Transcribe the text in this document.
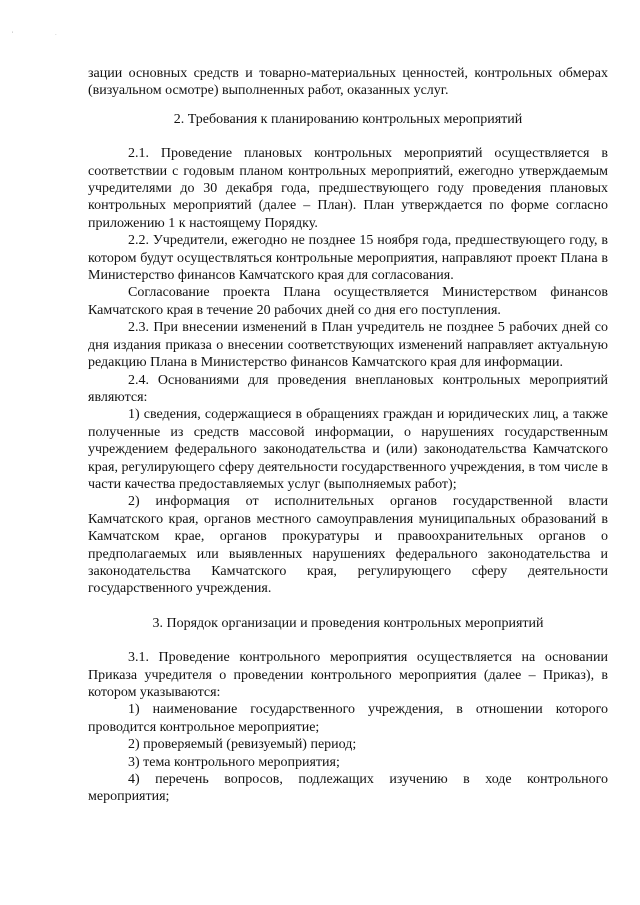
' ·

зации основных средств и товарно-материальных ценностей, контрольных обмерах (визуальном осмотре) выполненных работ, оказанных услуг.

2. Требования к планированию контрольных мероприятий

2.1. Проведение плановых контрольных мероприятий осуществляется в соответствии с годовым планом контрольных мероприятий, ежегодно утверждаемым учредителями до 30 декабря года, предшествующего году проведения плановых контрольных мероприятий (далее – План). План утверждается по форме согласно приложению 1 к настоящему Порядку.

2.2. Учредители, ежегодно не позднее 15 ноября года, предшествующего году, в котором будут осуществляться контрольные мероприятия, направляют проект Плана в Министерство финансов Камчатского края для согласования.

Согласование проекта Плана осуществляется Министерством финансов Камчатского края в течение 20 рабочих дней со дня его поступления.

2.3. При внесении изменений в План учредитель не позднее 5 рабочих дней со дня издания приказа о внесении соответствующих изменений направляет актуальную редакцию Плана в Министерство финансов Камчатского края для информации.

2.4. Основаниями для проведения внеплановых контрольных мероприятий являются:

1) сведения, содержащиеся в обращениях граждан и юридических лиц, а также полученные из средств массовой информации, о нарушениях государственным учреждением федерального законодательства и (или) законодательства Камчатского края, регулирующего сферу деятельности государственного учреждения, в том числе в части качества предоставляемых услуг (выполняемых работ);

2) информация от исполнительных органов государственной власти Камчатского края, органов местного самоуправления муниципальных образований в Камчатском крае, органов прокуратуры и правоохранительных органов о предполагаемых или выявленных нарушениях федерального законодательства и законодательства Камчатского края, регулирующего сферу деятельности государственного учреждения.

3. Порядок организации и проведения контрольных мероприятий

3.1. Проведение контрольного мероприятия осуществляется на основании Приказа учредителя о проведении контрольного мероприятия (далее – Приказ), в котором указываются:

1) наименование государственного учреждения, в отношении которого проводится контрольное мероприятие;

2) проверяемый (ревизуемый) период;

3) тема контрольного мероприятия;

4) перечень вопросов, подлежащих изучению в ходе контрольного мероприятия;
